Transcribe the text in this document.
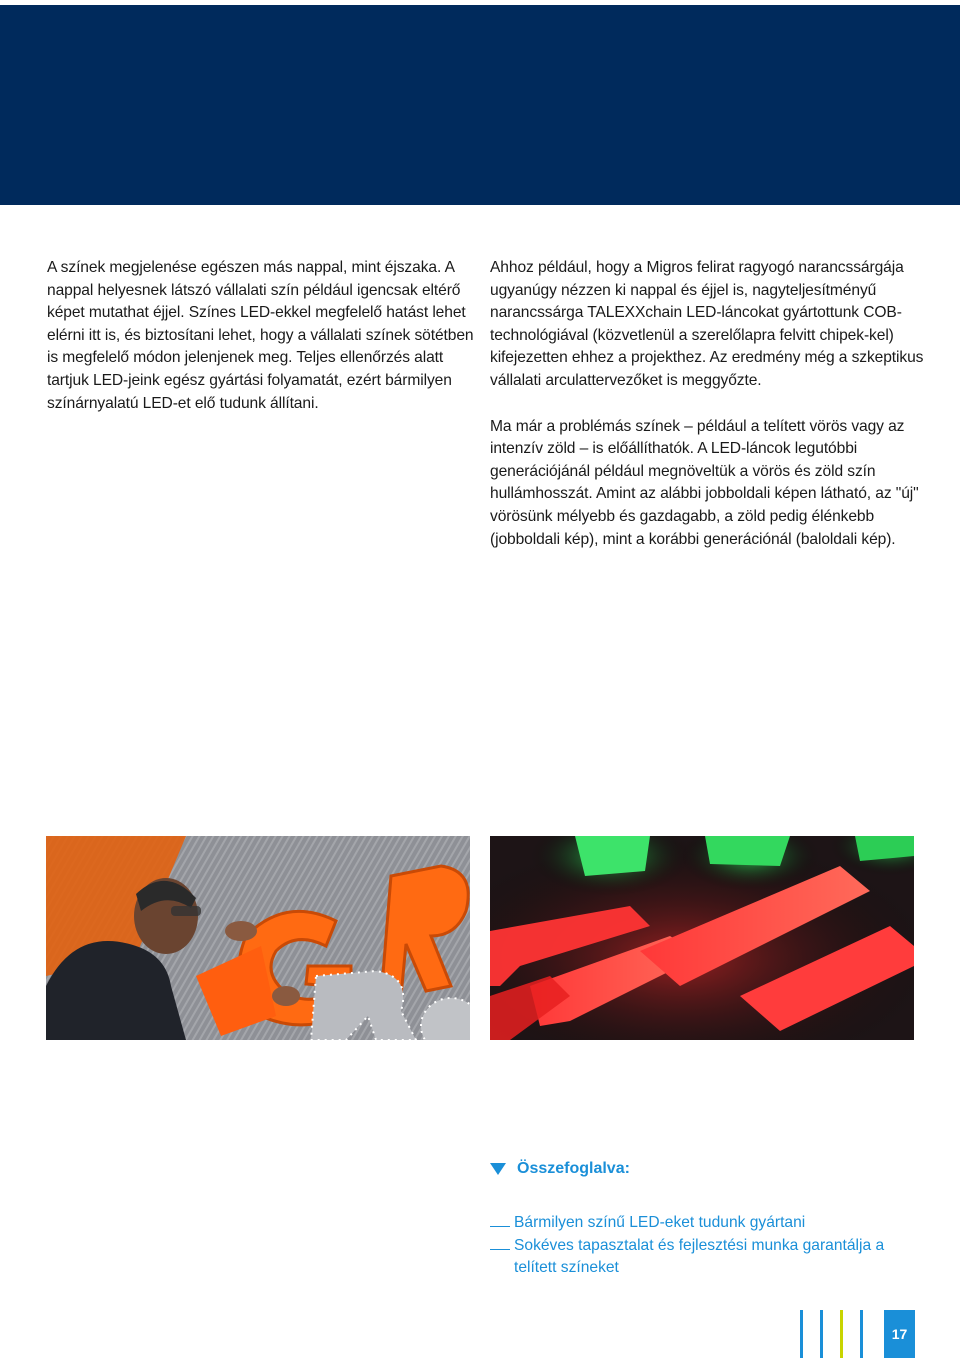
A színek megjelenése egészen más nappal, mint éjszaka. A nappal helyesnek látszó vállalati szín például igencsak eltérő képet mutathat éjjel. Színes LED-ekkel megfelelő hatást lehet elérni itt is, és biztosítani lehet, hogy a vállalati színek sötétben is megfelelő módon jelenjenek meg. Teljes ellenőrzés alatt tartjuk LED-jeink egész gyártási folyamatát, ezért bármilyen színárnyalatú LED-et elő tudunk állítani.

Ahhoz például, hogy a Migros felirat ragyogó narancssárgája ugyanúgy nézzen ki nappal és éjjel is, nagyteljesítményű narancssárga TALEXXchain LED-láncokat gyártottunk COB-technológiával (közvetlenül a szerelőlapra felvitt chipek-kel) kifejezetten ehhez a projekthez. Az eredmény még a szkeptikus vállalati arculattervezőket is meggyőzte.

Ma már a problémás színek – például a telített vörös vagy az intenzív zöld – is előállíthatók. A LED-láncok legutóbbi generációjánál például megnöveltük a vörös és zöld szín hullámhosszát. Amint az alábbi jobboldali képen látható, az "új" vörösünk mélyebb és gazdagabb, a zöld pedig élénkebb (jobboldali kép), mint a korábbi generációnál (baloldali kép).

Összefoglalva:
Bármilyen színű LED-eket tudunk gyártani
Sokéves tapasztalat és fejlesztési munka garantálja a telített színeket
17
